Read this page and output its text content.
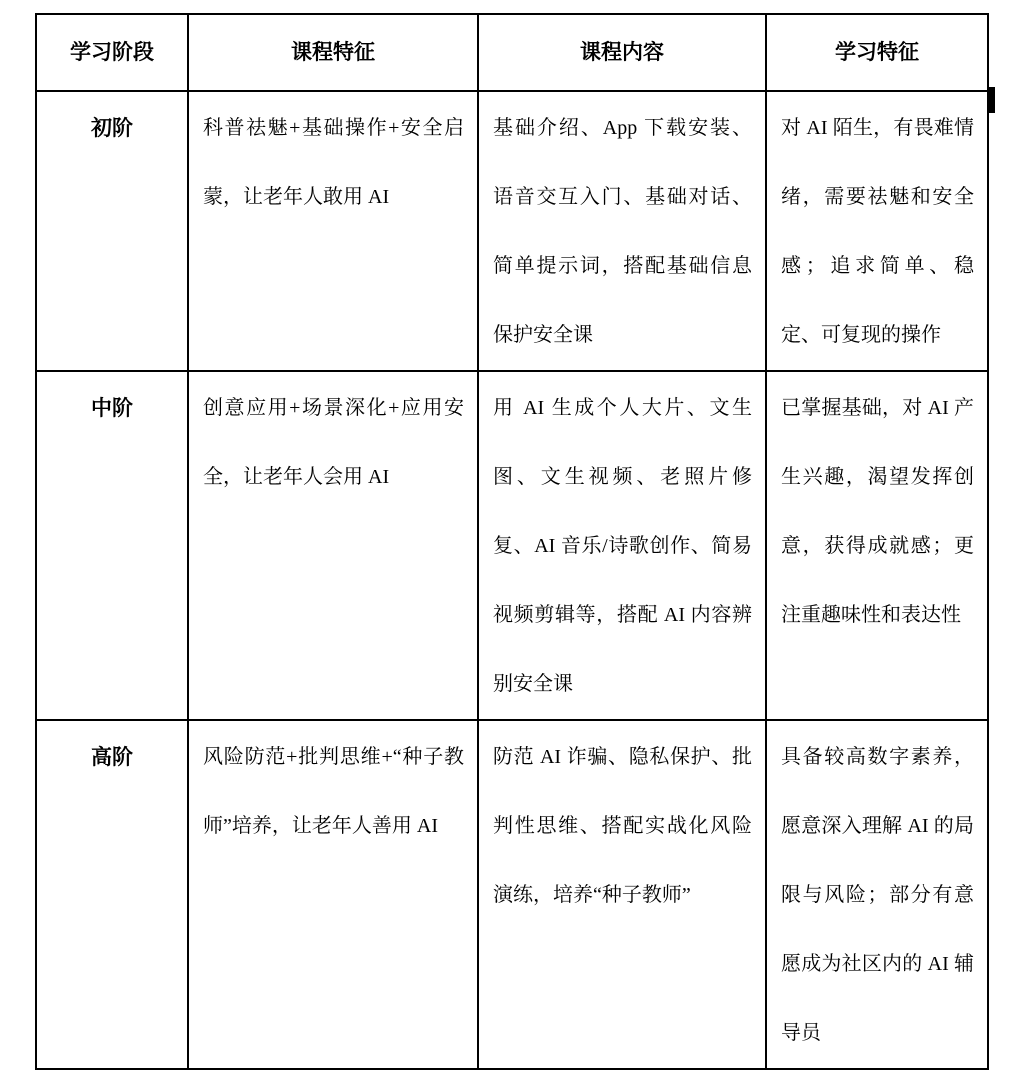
学习阶段	课程特征	课程内容	学习特征
初阶	科普祛魅+基础操作+安全启蒙，让老年人敢用 AI	基础介绍、App 下载安装、语音交互入门、基础对话、简单提示词，搭配基础信息保护安全课	对 AI 陌生，有畏难情绪，需要祛魅和安全感；追求简单、稳定、可复现的操作
中阶	创意应用+场景深化+应用安全，让老年人会用 AI	用 AI 生成个人大片、文生图、文生视频、老照片修复、AI 音乐/诗歌创作、简易视频剪辑等，搭配 AI 内容辨别安全课	已掌握基础，对 AI 产生兴趣，渴望发挥创意，获得成就感；更注重趣味性和表达性
高阶	风险防范+批判思维+“种子教师”培养，让老年人善用 AI	防范 AI 诈骗、隐私保护、批判性思维、搭配实战化风险演练，培养“种子教师”	具备较高数字素养，愿意深入理解 AI 的局限与风险；部分有意愿成为社区内的 AI 辅导员
